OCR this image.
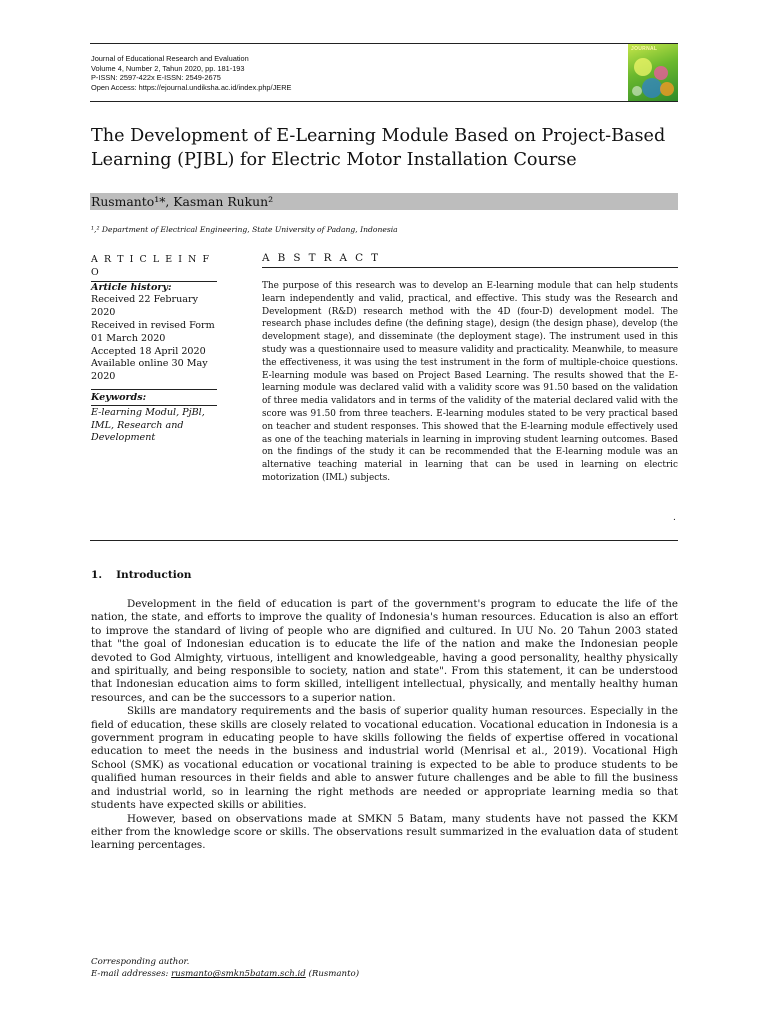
Journal of Educational Research and Evaluation
Volume 4, Number 2, Tahun 2020, pp. 181-193
P-ISSN: 2597-422x E-ISSN: 2549-2675
Open Access: https://ejournal.undiksha.ac.id/index.php/JERE
JOURNAL
The Development of E-Learning Module Based on Project-Based Learning (PJBL) for Electric Motor Installation Course
Rusmanto¹*, Kasman Rukun²
¹,² Department of Electrical Engineering, State University of Padang, Indonesia
A R T I C L E I N F O
Article history:
Received 22 February 2020
Received in revised Form 01 March 2020
Accepted 18 April 2020
Available online 30 May 2020
Keywords:
E-learning Modul, PjBl, IML, Research and Development
A B S T R A C T
The purpose of this research was to develop an E-learning module that can help students learn independently and valid, practical, and effective. This study was the Research and Development (R&D) research method with the 4D (four-D) development model. The research phase includes define (the defining stage), design (the design phase), develop (the development stage), and disseminate (the deployment stage). The instrument used in this study was a questionnaire used to measure validity and practicality. Meanwhile, to measure the effectiveness, it was using the test instrument in the form of multiple-choice questions. E-learning module was based on Project Based Learning. The results showed that the E-learning module was declared valid with a validity score was 91.50 based on the validation of three media validators and in terms of the validity of the material declared valid with the score was 91.50 from three teachers. E-learning modules stated to be very practical based on teacher and student responses. This showed that the E-learning module effectively used as one of the teaching materials in learning in improving student learning outcomes. Based on the findings of the study it can be recommended that the E-learning module was an alternative teaching material in learning that can be used in learning on electric motorization (IML) subjects.
.
1. Introduction

Development in the field of education is part of the government's program to educate the life of the nation, the state, and efforts to improve the quality of Indonesia's human resources. Education is also an effort to improve the standard of living of people who are dignified and cultured. In UU No. 20 Tahun 2003 stated that "the goal of Indonesian education is to educate the life of the nation and make the Indonesian people devoted to God Almighty, virtuous, intelligent and knowledgeable, having a good personality, healthy physically and spiritually, and being responsible to society, nation and state". From this statement, it can be understood that Indonesian education aims to form skilled, intelligent intellectual, physically, and mentally healthy human resources, and can be the successors to a superior nation.

Skills are mandatory requirements and the basis of superior quality human resources. Especially in the field of education, these skills are closely related to vocational education. Vocational education in Indonesia is a government program in educating people to have skills following the fields of expertise offered in vocational education to meet the needs in the business and industrial world (Menrisal et al., 2019). Vocational High School (SMK) as vocational education or vocational training is expected to be able to produce students to be qualified human resources in their fields and able to answer future challenges and be able to fill the business and industrial world, so in learning the right methods are needed or appropriate learning media so that students have expected skills or abilities.

However, based on observations made at SMKN 5 Batam, many students have not passed the KKM either from the knowledge score or skills. The observations result summarized in the evaluation data of student learning percentages.

Corresponding author.
E-mail addresses: rusmanto@smkn5batam.sch.id (Rusmanto)
